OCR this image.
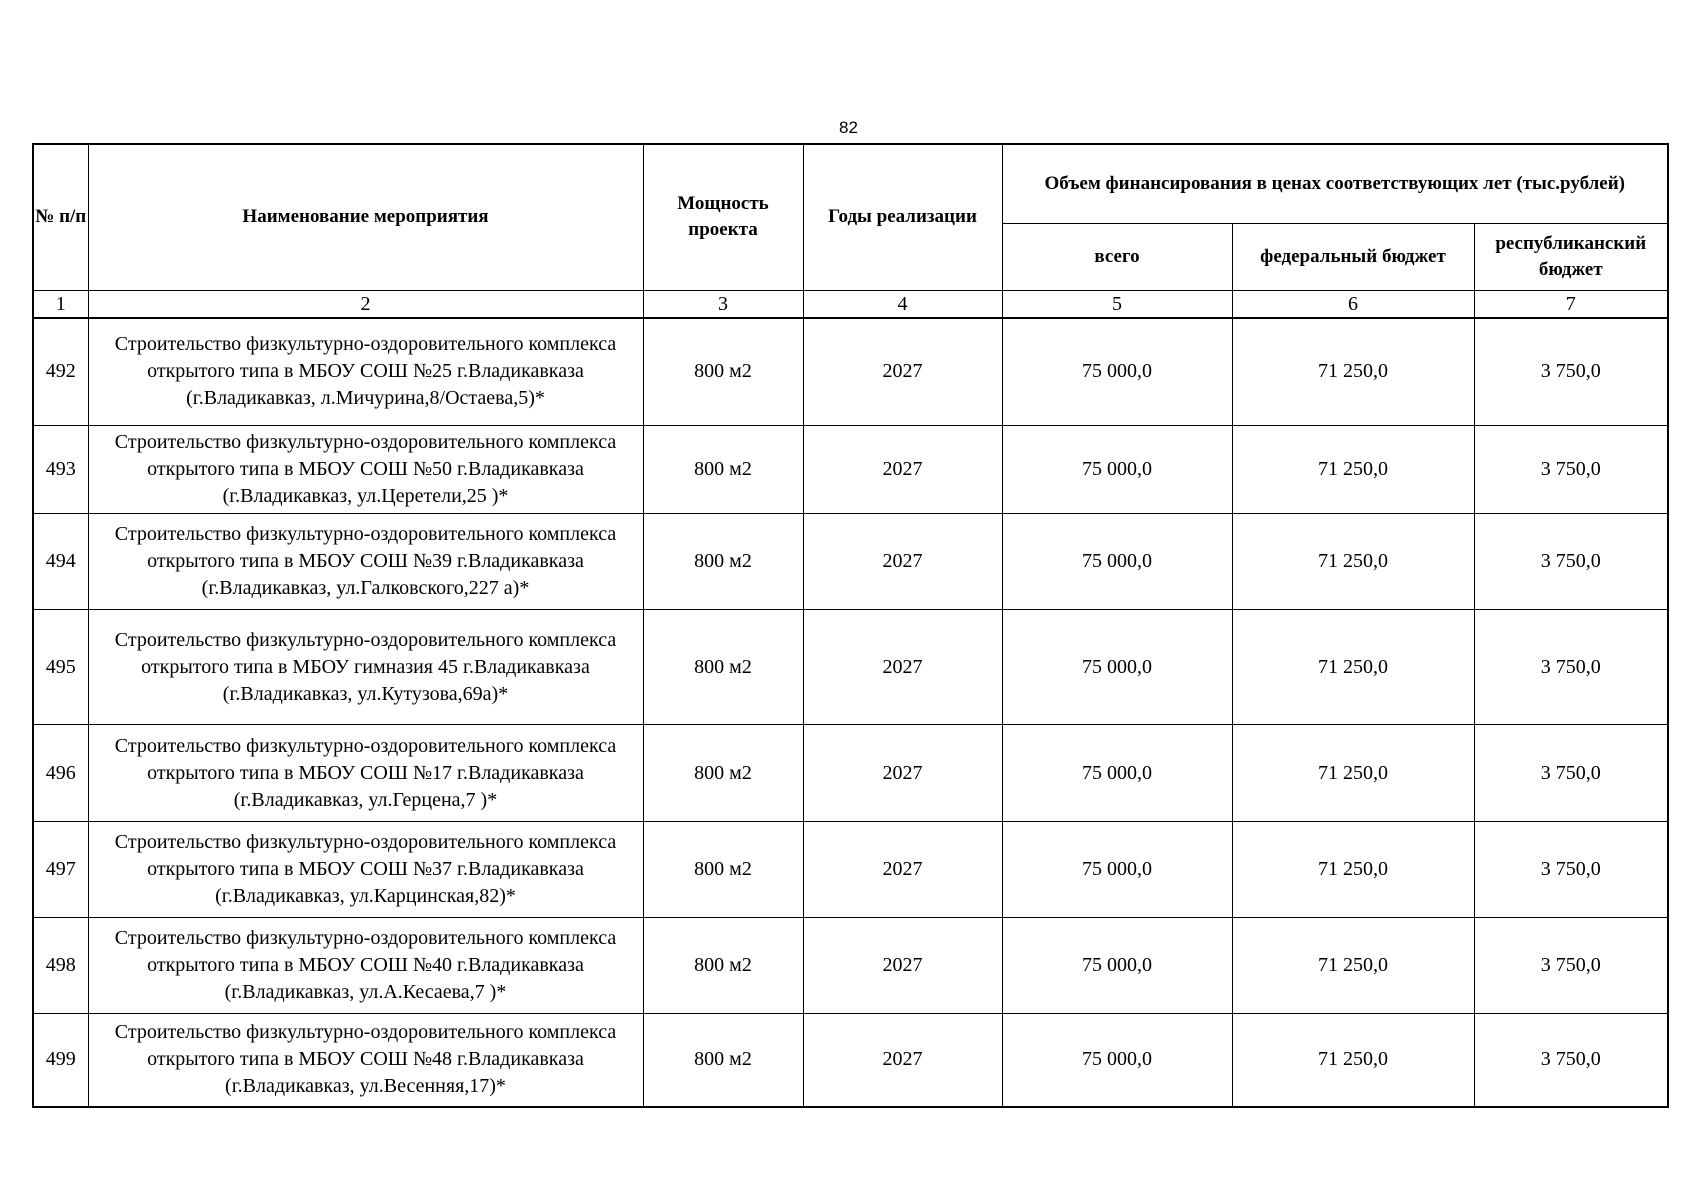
82
№ п/п	Наименование мероприятия	Мощность проекта	Годы реализации	Объем финансирования в ценах соответствующих лет (тыс.рублей)		
				всего	федеральный бюджет	республиканский бюджет
1	2	3	4	5	6	7
492	Строительство физкультурно-оздоровительного комплекса открытого типа в МБОУ СОШ №25 г.Владикавказа (г.Владикавказ, л.Мичурина,8/Остаева,5)*	800 м2	2027	75 000,0	71 250,0	3 750,0
493	Строительство физкультурно-оздоровительного комплекса открытого типа в МБОУ СОШ №50 г.Владикавказа (г.Владикавказ, ул.Церетели,25 )*	800 м2	2027	75 000,0	71 250,0	3 750,0
494	Строительство физкультурно-оздоровительного комплекса открытого типа в МБОУ СОШ №39 г.Владикавказа (г.Владикавказ, ул.Галковского,227 а)*	800 м2	2027	75 000,0	71 250,0	3 750,0
495	Строительство физкультурно-оздоровительного комплекса открытого типа в МБОУ гимназия 45 г.Владикавказа (г.Владикавказ, ул.Кутузова,69а)*	800 м2	2027	75 000,0	71 250,0	3 750,0
496	Строительство физкультурно-оздоровительного комплекса открытого типа в МБОУ СОШ №17 г.Владикавказа (г.Владикавказ, ул.Герцена,7 )*	800 м2	2027	75 000,0	71 250,0	3 750,0
497	Строительство физкультурно-оздоровительного комплекса открытого типа в МБОУ СОШ №37 г.Владикавказа (г.Владикавказ, ул.Карцинская,82)*	800 м2	2027	75 000,0	71 250,0	3 750,0
498	Строительство физкультурно-оздоровительного комплекса открытого типа в МБОУ СОШ №40 г.Владикавказа (г.Владикавказ, ул.А.Кесаева,7 )*	800 м2	2027	75 000,0	71 250,0	3 750,0
499	Строительство физкультурно-оздоровительного комплекса открытого типа в МБОУ СОШ №48 г.Владикавказа (г.Владикавказ, ул.Весенняя,17)*	800 м2	2027	75 000,0	71 250,0	3 750,0
